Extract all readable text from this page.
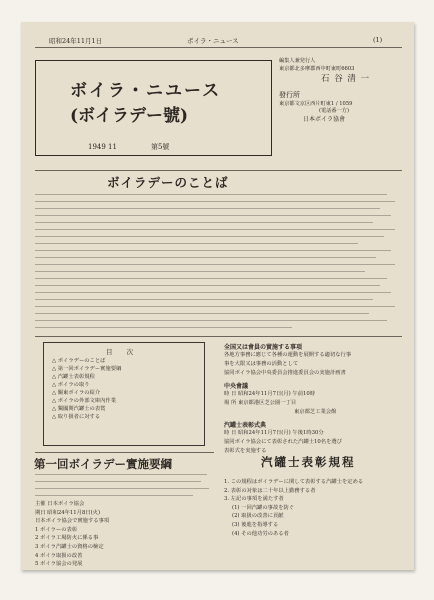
昭和24年11月1日	ポイラ・ニュース	(1)
ボイラ・ニユース
(ボイラデー號)
1949 11	第5號
編集人兼発行人
東京都北多摩郡西中町東町6603
石 谷 清 一
發行所
東京都文京区西片町東1 / 1059
(電話番一方)
日本ボイラ協會
ボイラデーのことば
目 次
△ ボイラデーのことば
△ 第一回ボイラデー實施要綱
△ 汽罐士表彰規程
△ ボイラの取り
△ 關東ボイラの紹介
△ ボイラの外部文庫內作業
△ 獨國関汽罐士の表賞
△ 取り扱者に対する
全国又は會員の實施する事項
各地方事務に應じて各種の運動を展開する適切な行事
事を大限又は事務の活動として
協同ボイラ協会中央委員会推進委員会の実施計画書
中央會議
時 日 昭和24年11月7日(月) 午前10時
場 所 東京都港区芝公園一丁目
東京都芝工業会館
汽罐士表彰式典
時 日 昭和24年11月7日(月) 午後1時30分
協同ボイラ協会にて表彰された汽罐士10名を選び
表彰式を実施する
第一回ボイラデー實施要綱	汽罐士表彰規程
主催 日本ボイラ協会
期日 昭和24年11月8日(火)
日本ボイラ協会で實施する事項
1 ボイラーの表彰
2 ボイラ工場防火に係る事
3 ボイラ汽罐士の資格の檢定
4 ボイラ取扱の改善
5 ボイラ協会の発展
1. この規程はボイラデーに関して表彰する汽罐士を定める
2. 表彰の対象は二十年以上勤務する者
3. 左記の事項を満たす者
(1) 一回汽罐の事故を防ぐ
(2) 取扱の改善に貢献
(3) 後進を指導する
(4) その他功労のある者
